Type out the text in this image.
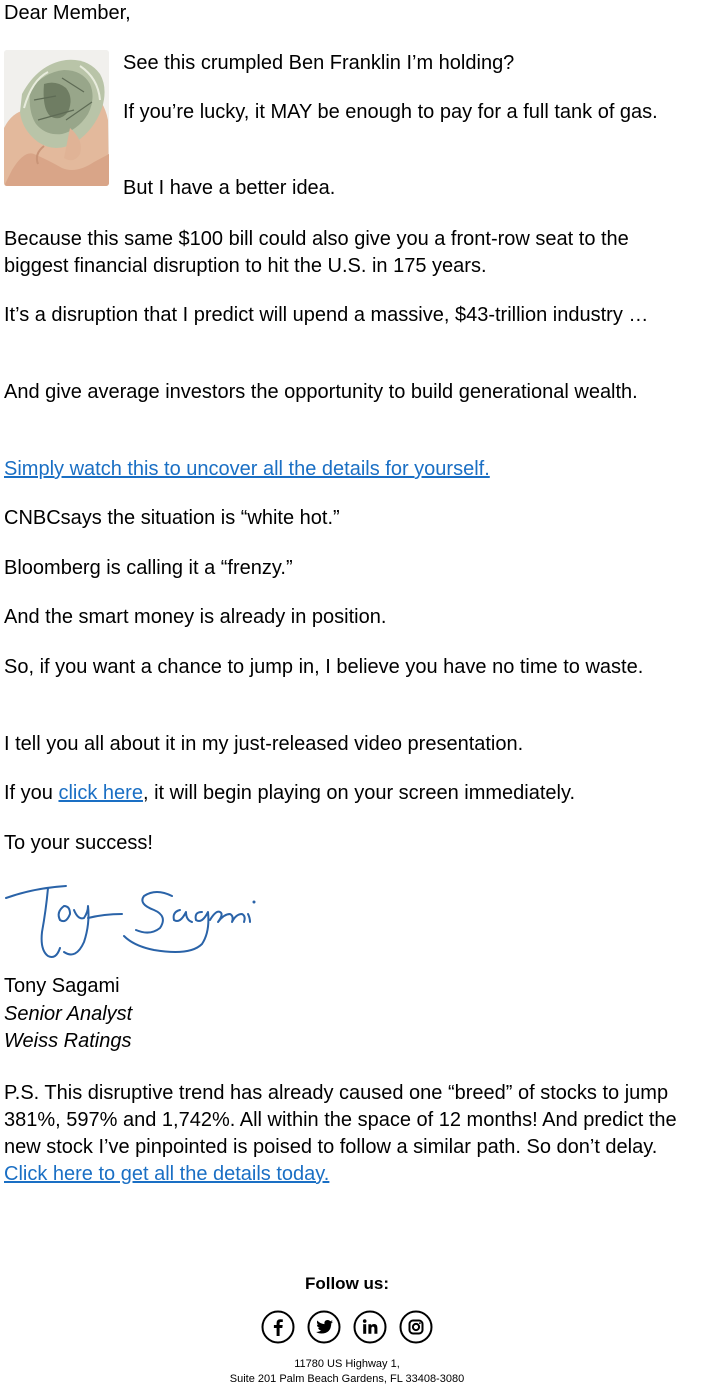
Dear Member,

See this crumpled Ben Franklin I’m holding?

If you’re lucky, it MAY be enough to pay for a full tank of gas.

But I have a better idea.

Because this same $100 bill could also give you a front-row seat to the biggest financial disruption to hit the U.S. in 175 years.

It’s a disruption that I predict will upend a massive, $43-trillion industry …

And give average investors the opportunity to build generational wealth.

Simply watch this to uncover all the details for yourself.

CNBCsays the situation is “white hot.”

Bloomberg is calling it a “frenzy.”

And the smart money is already in position.

So, if you want a chance to jump in, I believe you have no time to waste.

I tell you all about it in my just-released video presentation.

If you click here, it will begin playing on your screen immediately.

To your success!

Tony Sagami
Senior Analyst
Weiss Ratings

P.S. This disruptive trend has already caused one “breed” of stocks to jump 381%, 597% and 1,742%. All within the space of 12 months! And predict the new stock I’ve pinpointed is poised to follow a similar path. So don’t delay. Click here to get all the details today.

Follow us:
11780 US Highway 1,
Suite 201 Palm Beach Gardens, FL 33408-3080
